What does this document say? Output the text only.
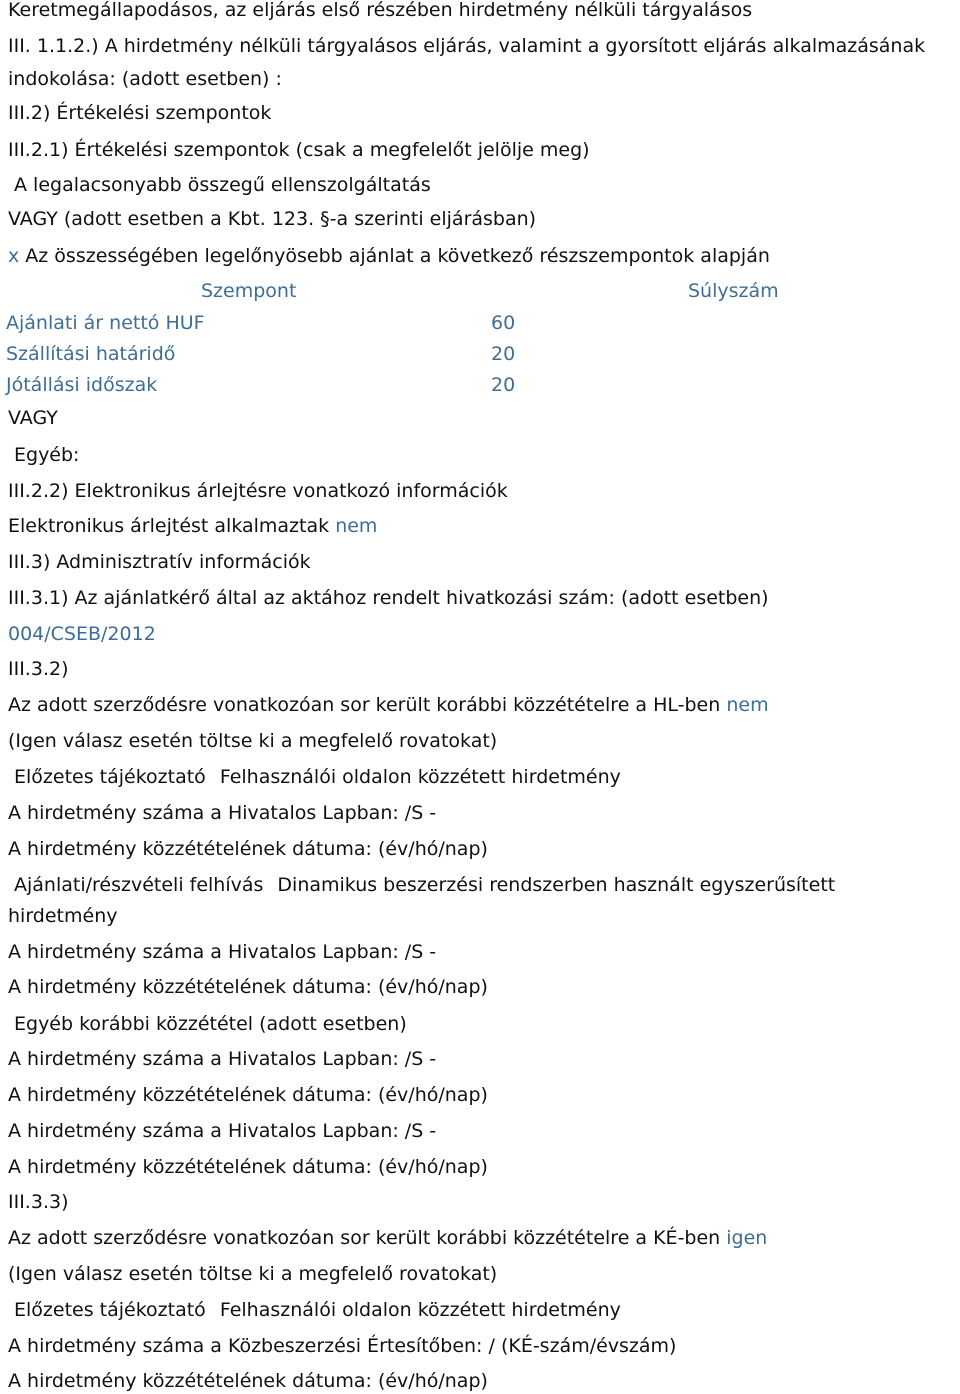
Keretmegállapodásos, az eljárás első részében hirdetmény nélküli tárgyalásos
III. 1.1.2.) A hirdetmény nélküli tárgyalásos eljárás, valamint a gyorsított eljárás alkalmazásának
indokolása: (adott esetben) :
III.2) Értékelési szempontok
III.2.1) Értékelési szempontok (csak a megfelelőt jelölje meg)
A legalacsonyabb összegű ellenszolgáltatás
VAGY (adott esetben a Kbt. 123. §-a szerinti eljárásban)
x Az összességében legelőnyösebb ajánlat a következő részszempontok alapján
Szempont	Súlyszám
Ajánlati ár nettó HUF	60
Szállítási határidő	20
Jótállási időszak	20
VAGY
Egyéb:
III.2.2) Elektronikus árlejtésre vonatkozó információk
Elektronikus árlejtést alkalmaztak nem
III.3) Adminisztratív információk
III.3.1) Az ajánlatkérő által az aktához rendelt hivatkozási szám: (adott esetben)
004/CSEB/2012
III.3.2)
Az adott szerződésre vonatkozóan sor került korábbi közzétételre a HL-ben nem
(Igen válasz esetén töltse ki a megfelelő rovatokat)
Előzetes tájékoztató Felhasználói oldalon közzétett hirdetmény
A hirdetmény száma a Hivatalos Lapban: /S -
A hirdetmény közzétételének dátuma: (év/hó/nap)
Ajánlati/részvételi felhívás Dinamikus beszerzési rendszerben használt egyszerűsített
hirdetmény
A hirdetmény száma a Hivatalos Lapban: /S -
A hirdetmény közzétételének dátuma: (év/hó/nap)
Egyéb korábbi közzététel (adott esetben)
A hirdetmény száma a Hivatalos Lapban: /S -
A hirdetmény közzétételének dátuma: (év/hó/nap)
A hirdetmény száma a Hivatalos Lapban: /S -
A hirdetmény közzétételének dátuma: (év/hó/nap)
III.3.3)
Az adott szerződésre vonatkozóan sor került korábbi közzétételre a KÉ-ben igen
(Igen válasz esetén töltse ki a megfelelő rovatokat)
Előzetes tájékoztató Felhasználói oldalon közzétett hirdetmény
A hirdetmény száma a Közbeszerzési Értesítőben: / (KÉ-szám/évszám)
A hirdetmény közzétételének dátuma: (év/hó/nap)
